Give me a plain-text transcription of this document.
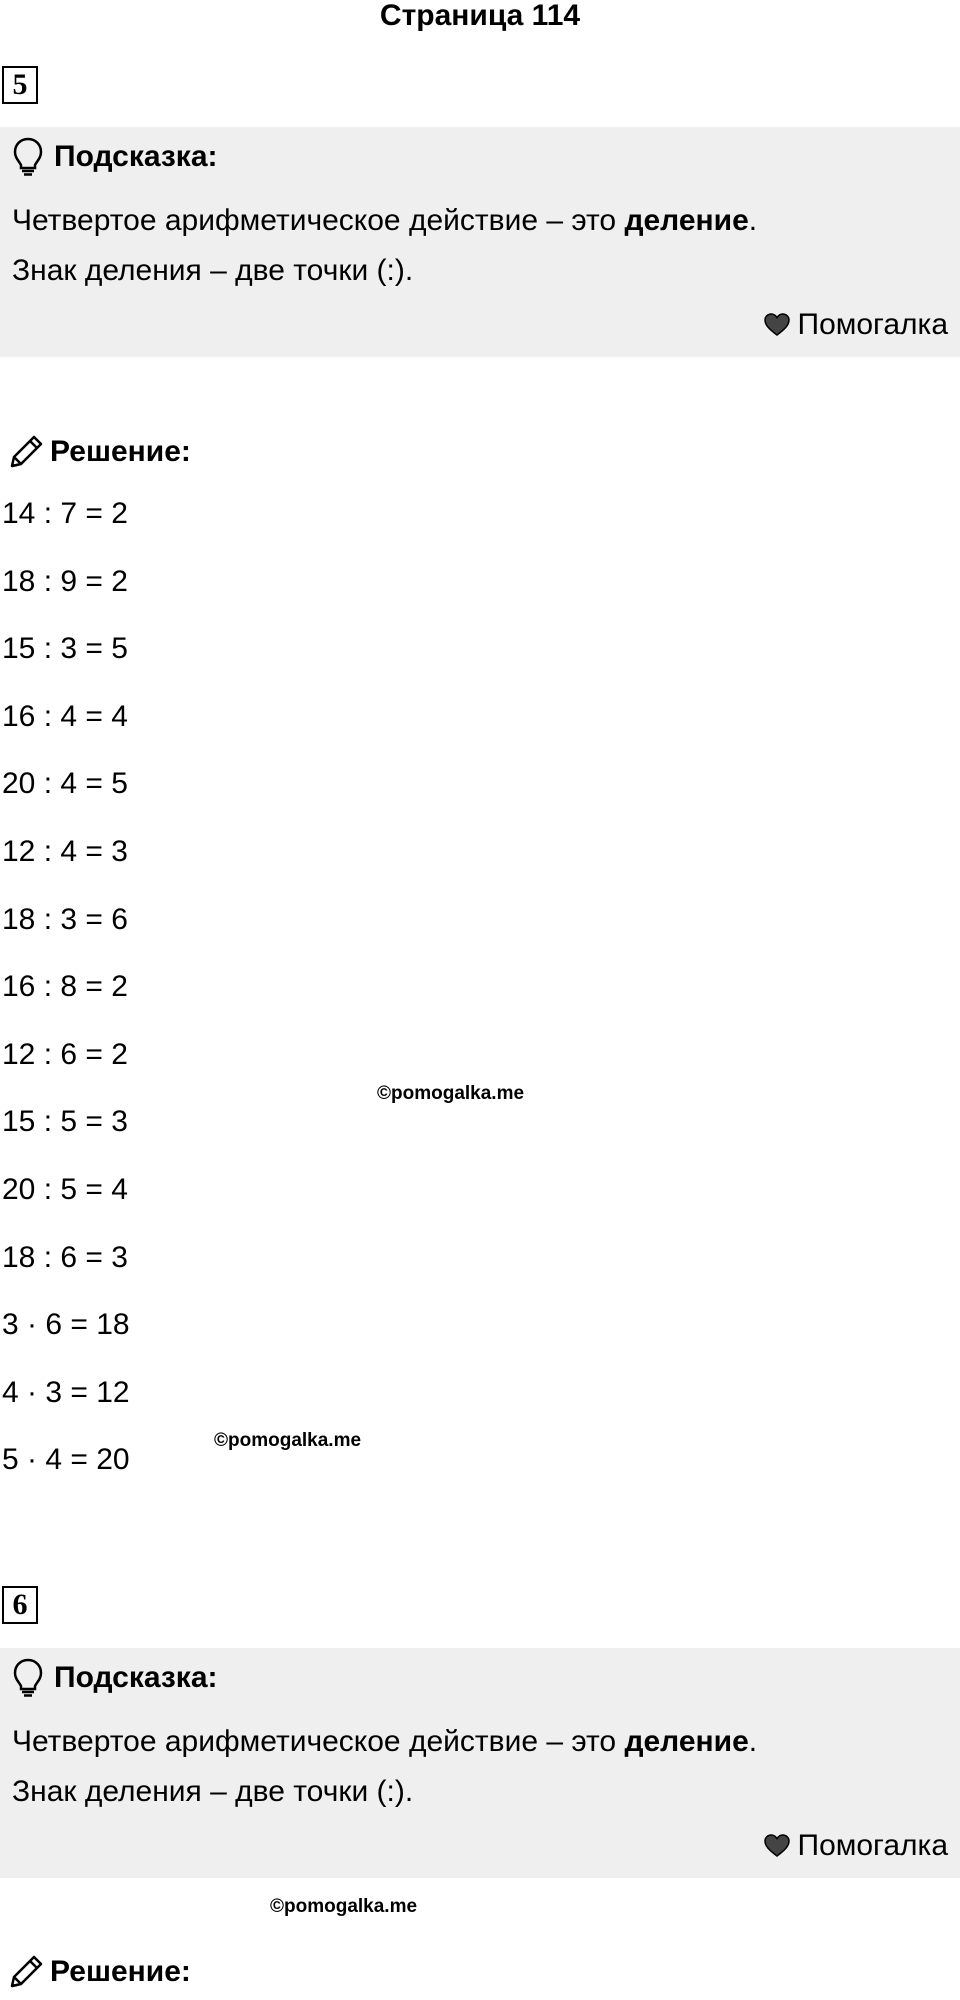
Страница 114
5
Подсказка:
Четвертое арифметическое действие – это деление.
Знак деления – две точки (:).
Помогалка
Решение:
14 : 7 = 2
18 : 9 = 2
15 : 3 = 5
16 : 4 = 4
20 : 4 = 5
12 : 4 = 3
18 : 3 = 6
16 : 8 = 2
12 : 6 = 2
15 : 5 = 3
20 : 5 = 4
18 : 6 = 3
3 · 6 = 18
4 · 3 = 12
5 · 4 = 20
©pomogalka.me
©pomogalka.me
6
Подсказка:
Четвертое арифметическое действие – это деление.
Знак деления – две точки (:).
Помогалка
©pomogalka.me
Решение:
